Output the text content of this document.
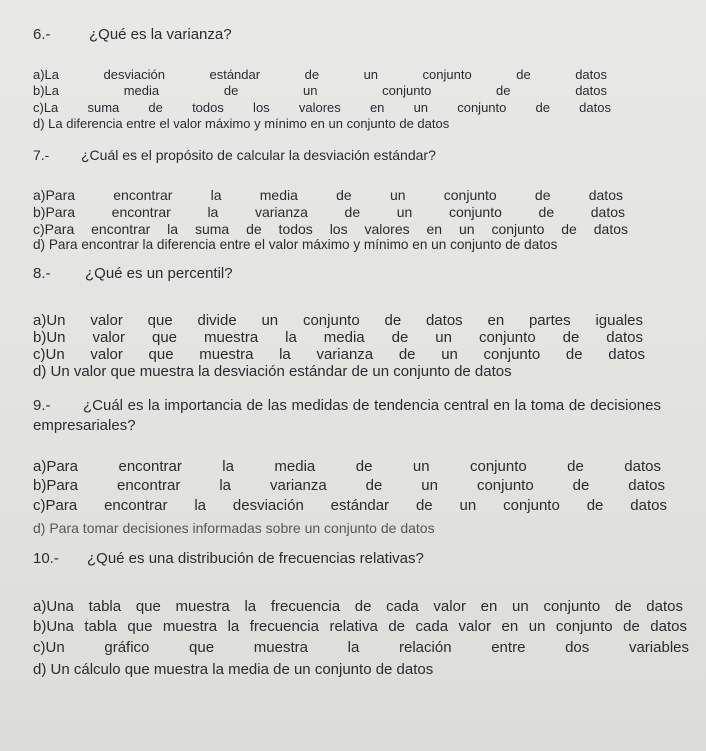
6.-	¿Qué es la varianza?
a)La desviación estándar de un conjunto de datos
b)La media de un conjunto de datos
c)La suma de todos los valores en un conjunto de datos
d) La diferencia entre el valor máximo y mínimo en un conjunto de datos
7.- ¿Cuál es el propósito de calcular la desviación estándar?
a)Para encontrar la media de un conjunto de datos
b)Para encontrar la varianza de un conjunto de datos
c)Para encontrar la suma de todos los valores en un conjunto de datos
d) Para encontrar la diferencia entre el valor máximo y mínimo en un conjunto de datos
8.- ¿Qué es un percentil?
a)Un valor que divide un conjunto de datos en partes iguales
b)Un valor que muestra la media de un conjunto de datos
c)Un valor que muestra la varianza de un conjunto de datos
d) Un valor que muestra la desviación estándar de un conjunto de datos
9.- ¿Cuál es la importancia de las medidas de tendencia central en la toma de decisiones empresariales?
a)Para encontrar la media de un conjunto de datos
b)Para encontrar la varianza de un conjunto de datos
c)Para encontrar la desviación estándar de un conjunto de datos
d) Para tomar decisiones informadas sobre un conjunto de datos
10.- ¿Qué es una distribución de frecuencias relativas?
a)Una tabla que muestra la frecuencia de cada valor en un conjunto de datos
b)Una tabla que muestra la frecuencia relativa de cada valor en un conjunto de datos
c)Un gráfico que muestra la relación entre dos variables
d) Un cálculo que muestra la media de un conjunto de datos
